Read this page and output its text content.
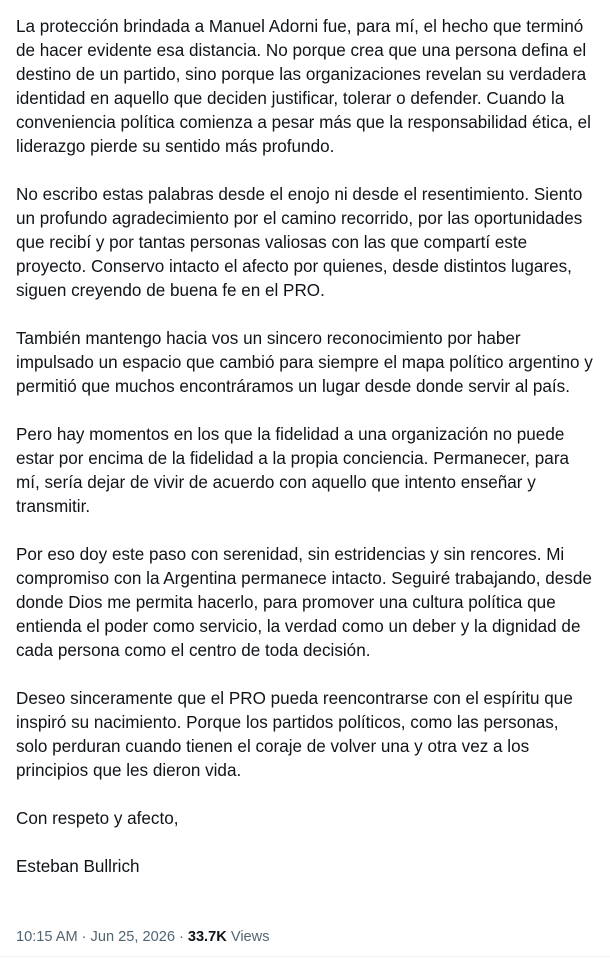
La protección brindada a Manuel Adorni fue, para mí, el hecho que terminó de hacer evidente esa distancia. No porque crea que una persona defina el destino de un partido, sino porque las organizaciones revelan su verdadera identidad en aquello que deciden justificar, tolerar o defender. Cuando la conveniencia política comienza a pesar más que la responsabilidad ética, el liderazgo pierde su sentido más profundo.

No escribo estas palabras desde el enojo ni desde el resentimiento. Siento un profundo agradecimiento por el camino recorrido, por las oportunidades que recibí y por tantas personas valiosas con las que compartí este proyecto. Conservo intacto el afecto por quienes, desde distintos lugares, siguen creyendo de buena fe en el PRO.

También mantengo hacia vos un sincero reconocimiento por haber impulsado un espacio que cambió para siempre el mapa político argentino y permitió que muchos encontráramos un lugar desde donde servir al país.

Pero hay momentos en los que la fidelidad a una organización no puede estar por encima de la fidelidad a la propia conciencia. Permanecer, para mí, sería dejar de vivir de acuerdo con aquello que intento enseñar y transmitir.

Por eso doy este paso con serenidad, sin estridencias y sin rencores. Mi compromiso con la Argentina permanece intacto. Seguiré trabajando, desde donde Dios me permita hacerlo, para promover una cultura política que entienda el poder como servicio, la verdad como un deber y la dignidad de cada persona como el centro de toda decisión.

Deseo sinceramente que el PRO pueda reencontrarse con el espíritu que inspiró su nacimiento. Porque los partidos políticos, como las personas, solo perduran cuando tienen el coraje de volver una y otra vez a los principios que les dieron vida.

Con respeto y afecto,

Esteban Bullrich

10:15 AM · Jun 25, 2026 · 33.7K Views
